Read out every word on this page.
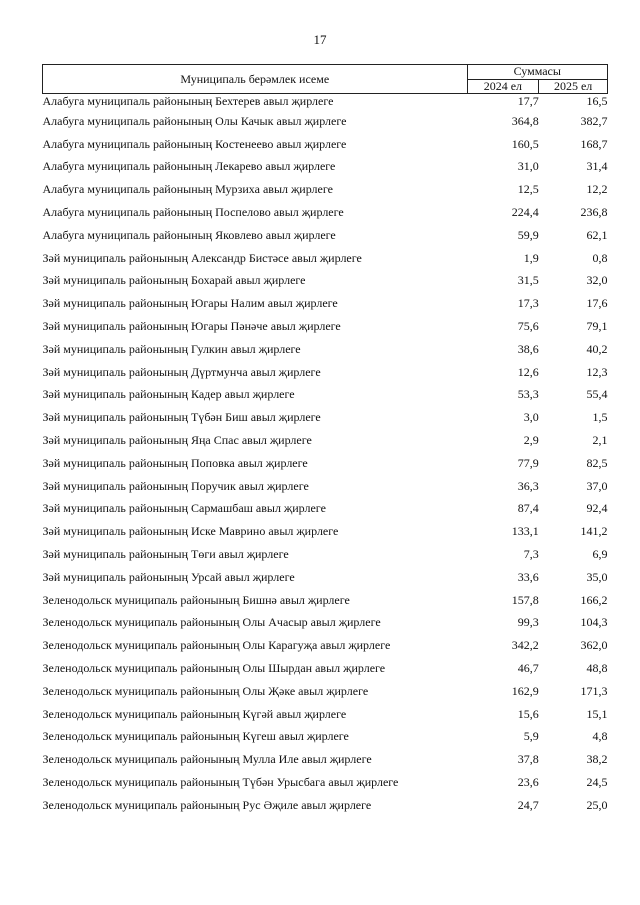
17
Муниципаль берәмлек исеме	Суммасы	
	2024 ел	2025 ел
Алабуга муниципаль районының Бехтерев авыл җирлеге	17,7	16,5
Алабуга муниципаль районының Олы Качык авыл җирлеге	364,8	382,7
Алабуга муниципаль районының Костенеево авыл җирлеге	160,5	168,7
Алабуга муниципаль районының Лекарево авыл җирлеге	31,0	31,4
Алабуга муниципаль районының Мурзиха авыл җирлеге	12,5	12,2
Алабуга муниципаль районының Поспелово авыл җирлеге	224,4	236,8
Алабуга муниципаль районының Яковлево авыл җирлеге	59,9	62,1
Зәй муниципаль районының Александр Бистәсе авыл җирлеге	1,9	0,8
Зәй муниципаль районының Бохарай авыл җирлеге	31,5	32,0
Зәй муниципаль районының Югары Налим авыл җирлеге	17,3	17,6
Зәй муниципаль районының Югары Пәнәче авыл җирлеге	75,6	79,1
Зәй муниципаль районының Гулкин авыл җирлеге	38,6	40,2
Зәй муниципаль районының Дүртмунча авыл җирлеге	12,6	12,3
Зәй муниципаль районының Кадер авыл җирлеге	53,3	55,4
Зәй муниципаль районының Түбән Биш авыл җирлеге	3,0	1,5
Зәй муниципаль районының Яңа Спас авыл җирлеге	2,9	2,1
Зәй муниципаль районының Поповка авыл җирлеге	77,9	82,5
Зәй муниципаль районының Поручик авыл җирлеге	36,3	37,0
Зәй муниципаль районының Сармашбаш авыл җирлеге	87,4	92,4
Зәй муниципаль районының Иске Маврино авыл җирлеге	133,1	141,2
Зәй муниципаль районының Төги авыл җирлеге	7,3	6,9
Зәй муниципаль районының Урсай авыл җирлеге	33,6	35,0
Зеленодольск муниципаль районының Бишнә авыл җирлеге	157,8	166,2
Зеленодольск муниципаль районының Олы Ачасыр авыл җирлеге	99,3	104,3
Зеленодольск муниципаль районының Олы Карагуҗа авыл җирлеге	342,2	362,0
Зеленодольск муниципаль районының Олы Шырдан авыл җирлеге	46,7	48,8
Зеленодольск муниципаль районының Олы Җәке авыл җирлеге	162,9	171,3
Зеленодольск муниципаль районының Күгәй авыл җирлеге	15,6	15,1
Зеленодольск муниципаль районының Күгеш авыл җирлеге	5,9	4,8
Зеленодольск муниципаль районының Мулла Иле авыл җирлеге	37,8	38,2
Зеленодольск муниципаль районының Түбән Урысбага авыл җирлеге	23,6	24,5
Зеленодольск муниципаль районының Рус Әҗиле авыл җирлеге	24,7	25,0
